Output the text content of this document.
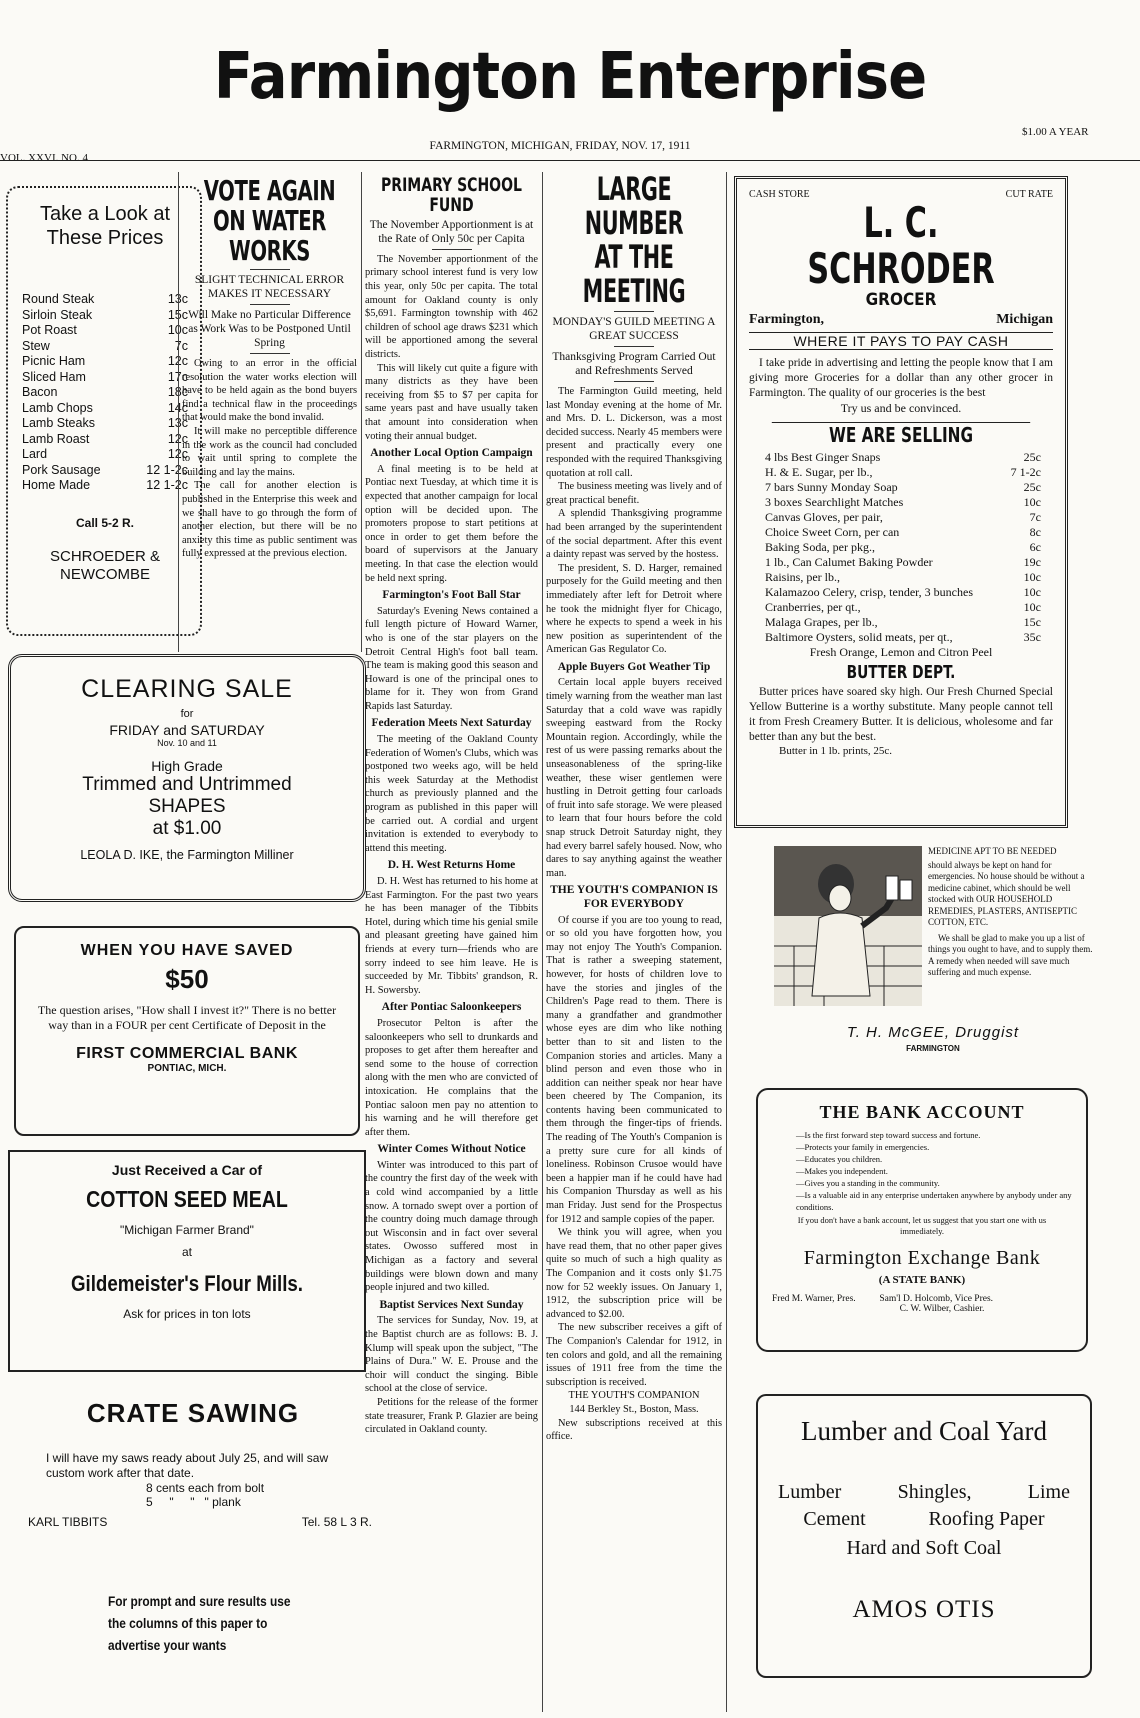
Farmington Enterprise
VOL. XXVI. NO. 4
FARMINGTON, MICHIGAN, FRIDAY, NOV. 17, 1911
$1.00 A YEAR
Take a Look at These Prices
Round Steak	13c
Sirloin Steak	15c
Pot Roast	10c
Stew	7c
Picnic Ham	12c
Sliced Ham	17c
Bacon	18c
Lamb Chops	14c
Lamb Steaks	13c
Lamb Roast	12c
Lard	12c
Pork Sausage	12 1-2c
Home Made	12 1-2c
Call 5-2 R.
SCHROEDER & NEWCOMBE
CLEARING SALE
for
FRIDAY and SATURDAY
Nov. 10 and 11
High Grade
Trimmed and Untrimmed
SHAPES
at $1.00
LEOLA D. IKE, the Farmington Milliner
WHEN YOU HAVE SAVED
$50
The question arises, "How shall I invest it?" There is no better way than in a FOUR per cent Certificate of Deposit in the
FIRST COMMERCIAL BANK
PONTIAC, MICH.
Just Received a Car of
COTTON SEED MEAL
"Michigan Farmer Brand"
at
Gildemeister's Flour Mills.
Ask for prices in ton lots
CRATE SAWING
I will have my saws ready about July 25, and will saw custom work after that date.
8 cents each from bolt
5     "     "   " plank
KARL TIBBITS	Tel. 58 L 3 R.
For prompt and sure results use the columns of this paper to advertise your wants
VOTE AGAIN ON WATER WORKS
SLIGHT TECHNICAL ERROR MAKES IT NECESSARY
Will Make no Particular Difference as Work Was to be Postponed Until Spring

Owing to an error in the official resolution the water works election will have to be held again as the bond buyers find a technical flaw in the proceedings that would make the bond invalid.

It will make no perceptible difference in the work as the council had concluded to wait until spring to complete the building and lay the mains.

The call for another election is published in the Enterprise this week and we shall have to go through the form of another election, but there will be no anxiety this time as public sentiment was fully expressed at the previous election.

PRIMARY SCHOOL FUND
The November Apportionment is at the Rate of Only 50c per Capita

The November apportionment of the primary school interest fund is very low this year, only 50c per capita. The total amount for Oakland county is only $5,691. Farmington township with 462 children of school age draws $231 which will be apportioned among the several districts.

This will likely cut quite a figure with many districts as they have been receiving from $5 to $7 per capita for same years past and have usually taken that amount into consideration when voting their annual budget.

Another Local Option Campaign

A final meeting is to be held at Pontiac next Tuesday, at which time it is expected that another campaign for local option will be decided upon. The promoters propose to start petitions at once in order to get them before the board of supervisors at the January meeting. In that case the election would be held next spring.

Farmington's Foot Ball Star

Saturday's Evening News contained a full length picture of Howard Warner, who is one of the star players on the Detroit Central High's foot ball team. The team is making good this season and Howard is one of the principal ones to blame for it. They won from Grand Rapids last Saturday.

Federation Meets Next Saturday

The meeting of the Oakland County Federation of Women's Clubs, which was postponed two weeks ago, will be held this week Saturday at the Methodist church as previously planned and the program as published in this paper will be carried out. A cordial and urgent invitation is extended to everybody to attend this meeting.

D. H. West Returns Home

D. H. West has returned to his home at East Farmington. For the past two years he has been manager of the Tibbits Hotel, during which time his genial smile and pleasant greeting have gained him friends at every turn—friends who are sorry indeed to see him leave. He is succeeded by Mr. Tibbits' grandson, R. H. Sowersby.

After Pontiac Saloonkeepers

Prosecutor Pelton is after the saloonkeepers who sell to drunkards and proposes to get after them hereafter and send some to the house of correction along with the men who are convicted of intoxication. He complains that the Pontiac saloon men pay no attention to his warning and he will therefore get after them.

Winter Comes Without Notice

Winter was introduced to this part of the country the first day of the week with a cold wind accompanied by a little snow. A tornado swept over a portion of the country doing much damage through out Wisconsin and in fact over several states. Owosso suffered most in Michigan as a factory and several buildings were blown down and many people injured and two killed.

Baptist Services Next Sunday

The services for Sunday, Nov. 19, at the Baptist church are as follows: B. J. Klump will speak upon the subject, "The Plains of Dura." W. E. Prouse and the choir will conduct the singing. Bible school at the close of service.

Petitions for the release of the former state treasurer, Frank P. Glazier are being circulated in Oakland county.

LARGE NUMBER AT THE MEETING
MONDAY'S GUILD MEETING A GREAT SUCCESS
Thanksgiving Program Carried Out and Refreshments Served

The Farmington Guild meeting, held last Monday evening at the home of Mr. and Mrs. D. L. Dickerson, was a most decided success. Nearly 45 members were present and practically every one responded with the required Thanksgiving quotation at roll call.

The business meeting was lively and of great practical benefit.

A splendid Thanksgiving programme had been arranged by the superintendent of the social department. After this event a dainty repast was served by the hostess.

The president, S. D. Harger, remained purposely for the Guild meeting and then immediately after left for Detroit where he took the midnight flyer for Chicago, where he expects to spend a week in his new position as superintendent of the American Gas Regulator Co.

Apple Buyers Got Weather Tip

Certain local apple buyers received timely warning from the weather man last Saturday that a cold wave was rapidly sweeping eastward from the Rocky Mountain region. Accordingly, while the rest of us were passing remarks about the unseasonableness of the spring-like weather, these wiser gentlemen were hustling in Detroit getting four carloads of fruit into safe storage. We were pleased to learn that four hours before the cold snap struck Detroit Saturday night, they had every barrel safely housed. Now, who dares to say anything against the weather man.

THE YOUTH'S COMPANION IS FOR EVERYBODY

Of course if you are too young to read, or so old you have forgotten how, you may not enjoy The Youth's Companion. That is rather a sweeping statement, however, for hosts of children love to have the stories and jingles of the Children's Page read to them. There is many a grandfather and grandmother whose eyes are dim who like nothing better than to sit and listen to the Companion stories and articles. Many a blind person and even those who in addition can neither speak nor hear have been cheered by The Companion, its contents having been communicated to them through the finger-tips of friends. The reading of The Youth's Companion is a pretty sure cure for all kinds of loneliness. Robinson Crusoe would have been a happier man if he could have had his Companion Thursday as well as his man Friday. Just send for the Prospectus for 1912 and sample copies of the paper.

We think you will agree, when you have read them, that no other paper gives quite so much of such a high quality as The Companion and it costs only $1.75 now for 52 weekly issues. On January 1, 1912, the subscription price will be advanced to $2.00.

The new subscriber receives a gift of The Companion's Calendar for 1912, in ten colors and gold, and all the remaining issues of 1911 free from the time the subscription is received.

THE YOUTH'S COMPANION
144 Berkley St., Boston, Mass.

New subscriptions received at this office.

CASH STORE	CUT RATE
L. C. SCHRODER
GROCER
Farmington,	Michigan
WHERE IT PAYS TO PAY CASH
I take pride in advertising and letting the people know that I am giving more Groceries for a dollar than any other grocer in Farmington. The quality of our groceries is the best
Try us and be convinced.
WE ARE SELLING
4 lbs Best Ginger Snaps	25c
H. & E. Sugar, per lb.,	7 1-2c
7 bars Sunny Monday Soap	25c
3 boxes Searchlight Matches	10c
Canvas Gloves, per pair,	7c
Choice Sweet Corn, per can	8c
Baking Soda, per pkg.,	6c
1 lb., Can Calumet Baking Powder	19c
Raisins, per lb.,	10c
Kalamazoo Celery, crisp, tender, 3 bunches	10c
Cranberries, per qt.,	10c
Malaga Grapes, per lb.,	15c
Baltimore Oysters, solid meats, per qt.,	35c
Fresh Orange, Lemon and Citron Peel
BUTTER DEPT.
Butter prices have soared sky high. Our Fresh Churned Special Yellow Butterine is a worthy substitute. Many people cannot tell it from Fresh Creamery Butter. It is delicious, wholesome and far better than any but the best.
Butter in 1 lb. prints, 25c.
MEDICINE APT TO BE NEEDED
should always be kept on hand for emergencies. No house should be without a medicine cabinet, which should be well stocked with OUR HOUSEHOLD REMEDIES, PLASTERS, ANTISEPTIC COTTON, ETC.
We shall be glad to make you up a list of things you ought to have, and to supply them. A remedy when needed will save much suffering and much expense.
T. H. McGEE, Druggist
FARMINGTON
THE BANK ACCOUNT
—Is the first forward step toward success and fortune.
—Protects your family in emergencies.
—Educates you children.
—Makes you independent.
—Gives you a standing in the community.
—Is a valuable aid in any enterprise undertaken anywhere by anybody under any conditions.
If you don't have a bank account, let us suggest that you start one with us immediately.
Farmington Exchange Bank
(A STATE BANK)
Fred M. Warner, Pres.          Sam'l D. Holcomb, Vice Pres.
C. W. Wilber, Cashier.
Lumber and Coal Yard
Lumber	Shingles,	Lime
Cement	Roofing Paper
Hard and Soft Coal
AMOS OTIS
